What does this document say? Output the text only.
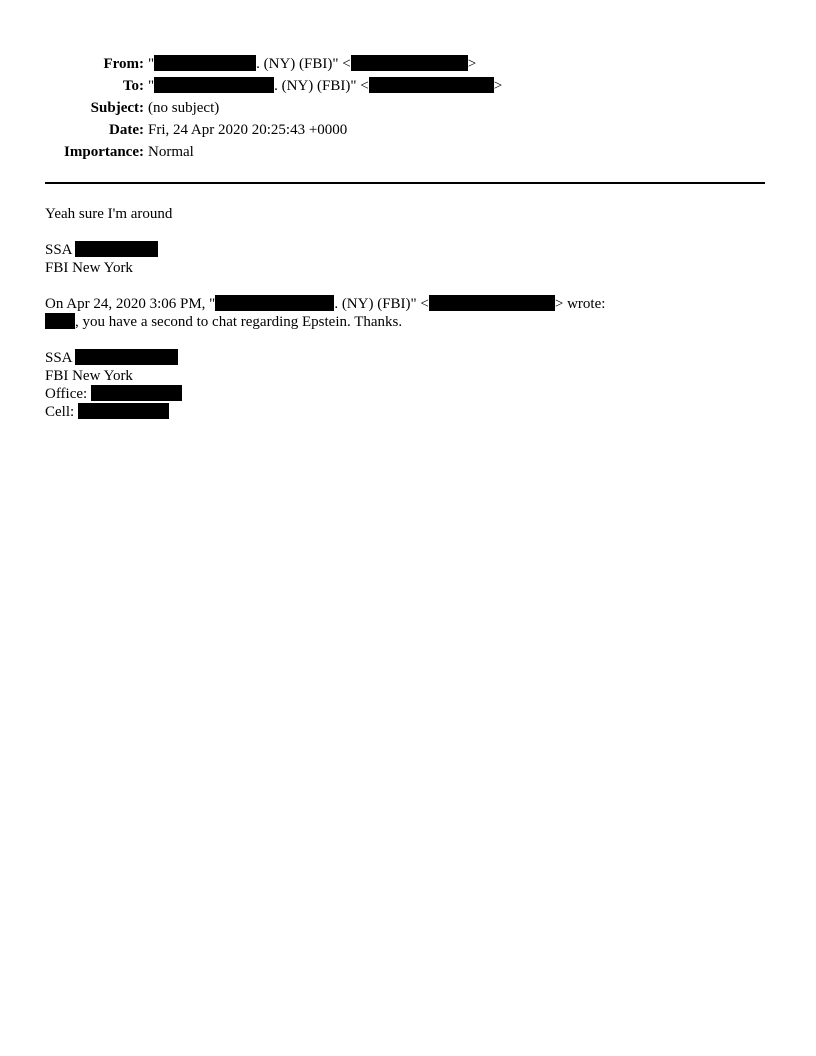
From: "	. (NY) (FBI)" <	>
To: "	. (NY) (FBI)" <	>
Subject: (no subject)
Date: Fri, 24 Apr 2020 20:25:43 +0000
Importance: Normal
Yeah sure I'm around
SSA
FBI New York
On Apr 24, 2020 3:06 PM, "	. (NY) (FBI)" <	> wrote:
, you have a second to chat regarding Epstein. Thanks.
SSA
FBI New York
Office:
Cell:
